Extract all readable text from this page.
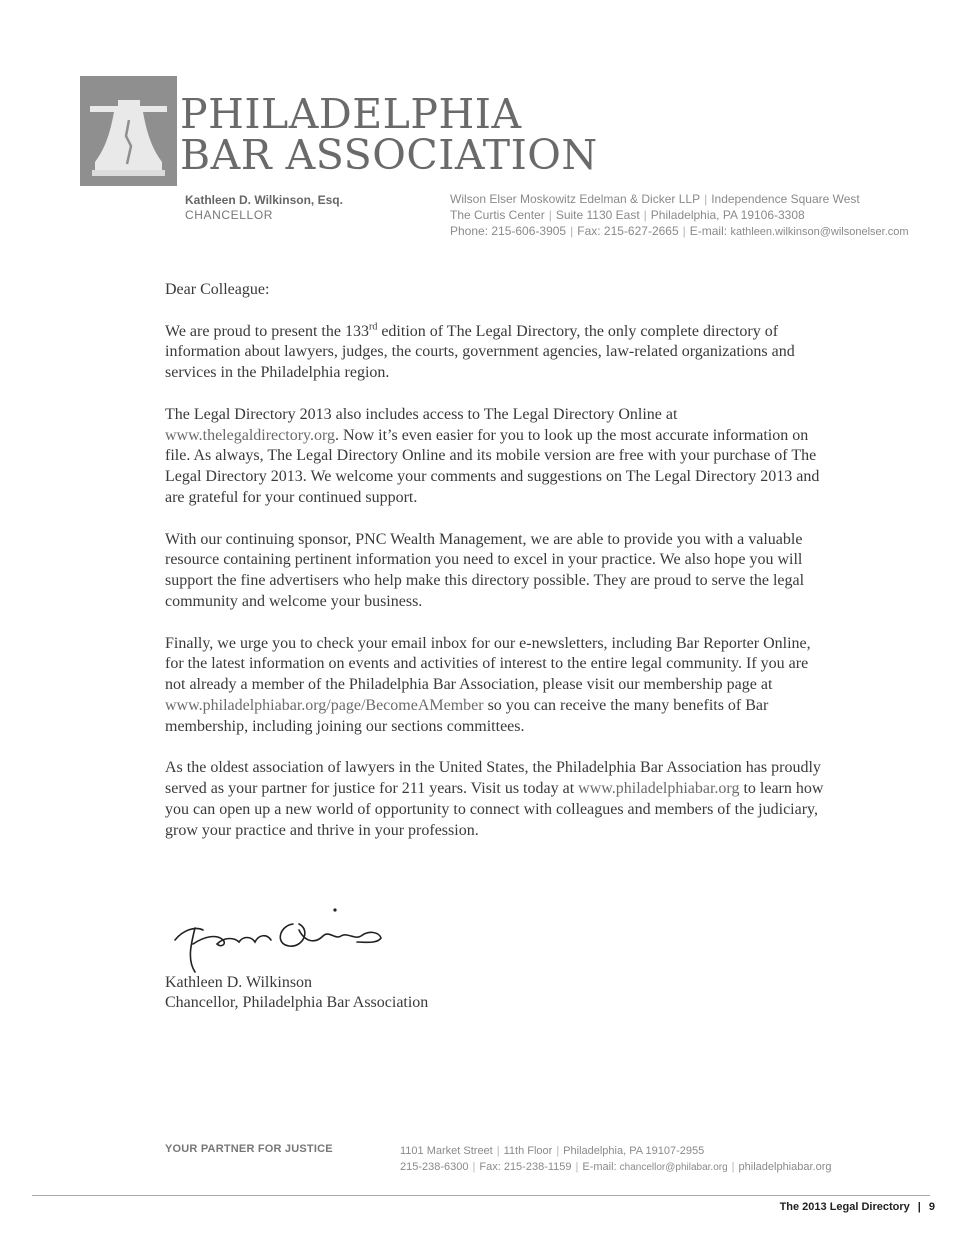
PHILADELPHIA
BAR ASSOCIATION
Kathleen D. Wilkinson, Esq.
CHANCELLOR
Wilson Elser Moskowitz Edelman & Dicker LLP | Independence Square West
The Curtis Center | Suite 1130 East | Philadelphia, PA 19106-3308
Phone: 215-606-3905 | Fax: 215-627-2665 | E-mail: kathleen.wilkinson@wilsonelser.com

Dear Colleague:

We are proud to present the 133rd edition of The Legal Directory, the only complete directory of information about lawyers, judges, the courts, government agencies, law-related organizations and services in the Philadelphia region.

The Legal Directory 2013 also includes access to The Legal Directory Online at www.thelegaldirectory.org. Now it’s even easier for you to look up the most accurate information on file. As always, The Legal Directory Online and its mobile version are free with your purchase of The Legal Directory 2013. We welcome your comments and suggestions on The Legal Directory 2013 and are grateful for your continued support.

With our continuing sponsor, PNC Wealth Management, we are able to provide you with a valuable resource containing pertinent information you need to excel in your practice. We also hope you will support the fine advertisers who help make this directory possible. They are proud to serve the legal community and welcome your business.

Finally, we urge you to check your email inbox for our e-newsletters, including Bar Reporter Online, for the latest information on events and activities of interest to the entire legal community. If you are not already a member of the Philadelphia Bar Association, please visit our membership page at www.philadelphiabar.org/page/BecomeAMember so you can receive the many benefits of Bar membership, including joining our sections committees.

As the oldest association of lawyers in the United States, the Philadelphia Bar Association has proudly served as your partner for justice for 211 years. Visit us today at www.philadelphiabar.org to learn how you can open up a new world of opportunity to connect with colleagues and members of the judiciary, grow your practice and thrive in your profession.

Kathleen D. Wilkinson
Chancellor, Philadelphia Bar Association
YOUR PARTNER FOR JUSTICE	1101 Market Street | 11th Floor | Philadelphia, PA 19107-2955
215-238-6300 | Fax: 215-238-1159 | E-mail: chancellor@philabar.org | philadelphiabar.org
The 2013 Legal Directory | 9
